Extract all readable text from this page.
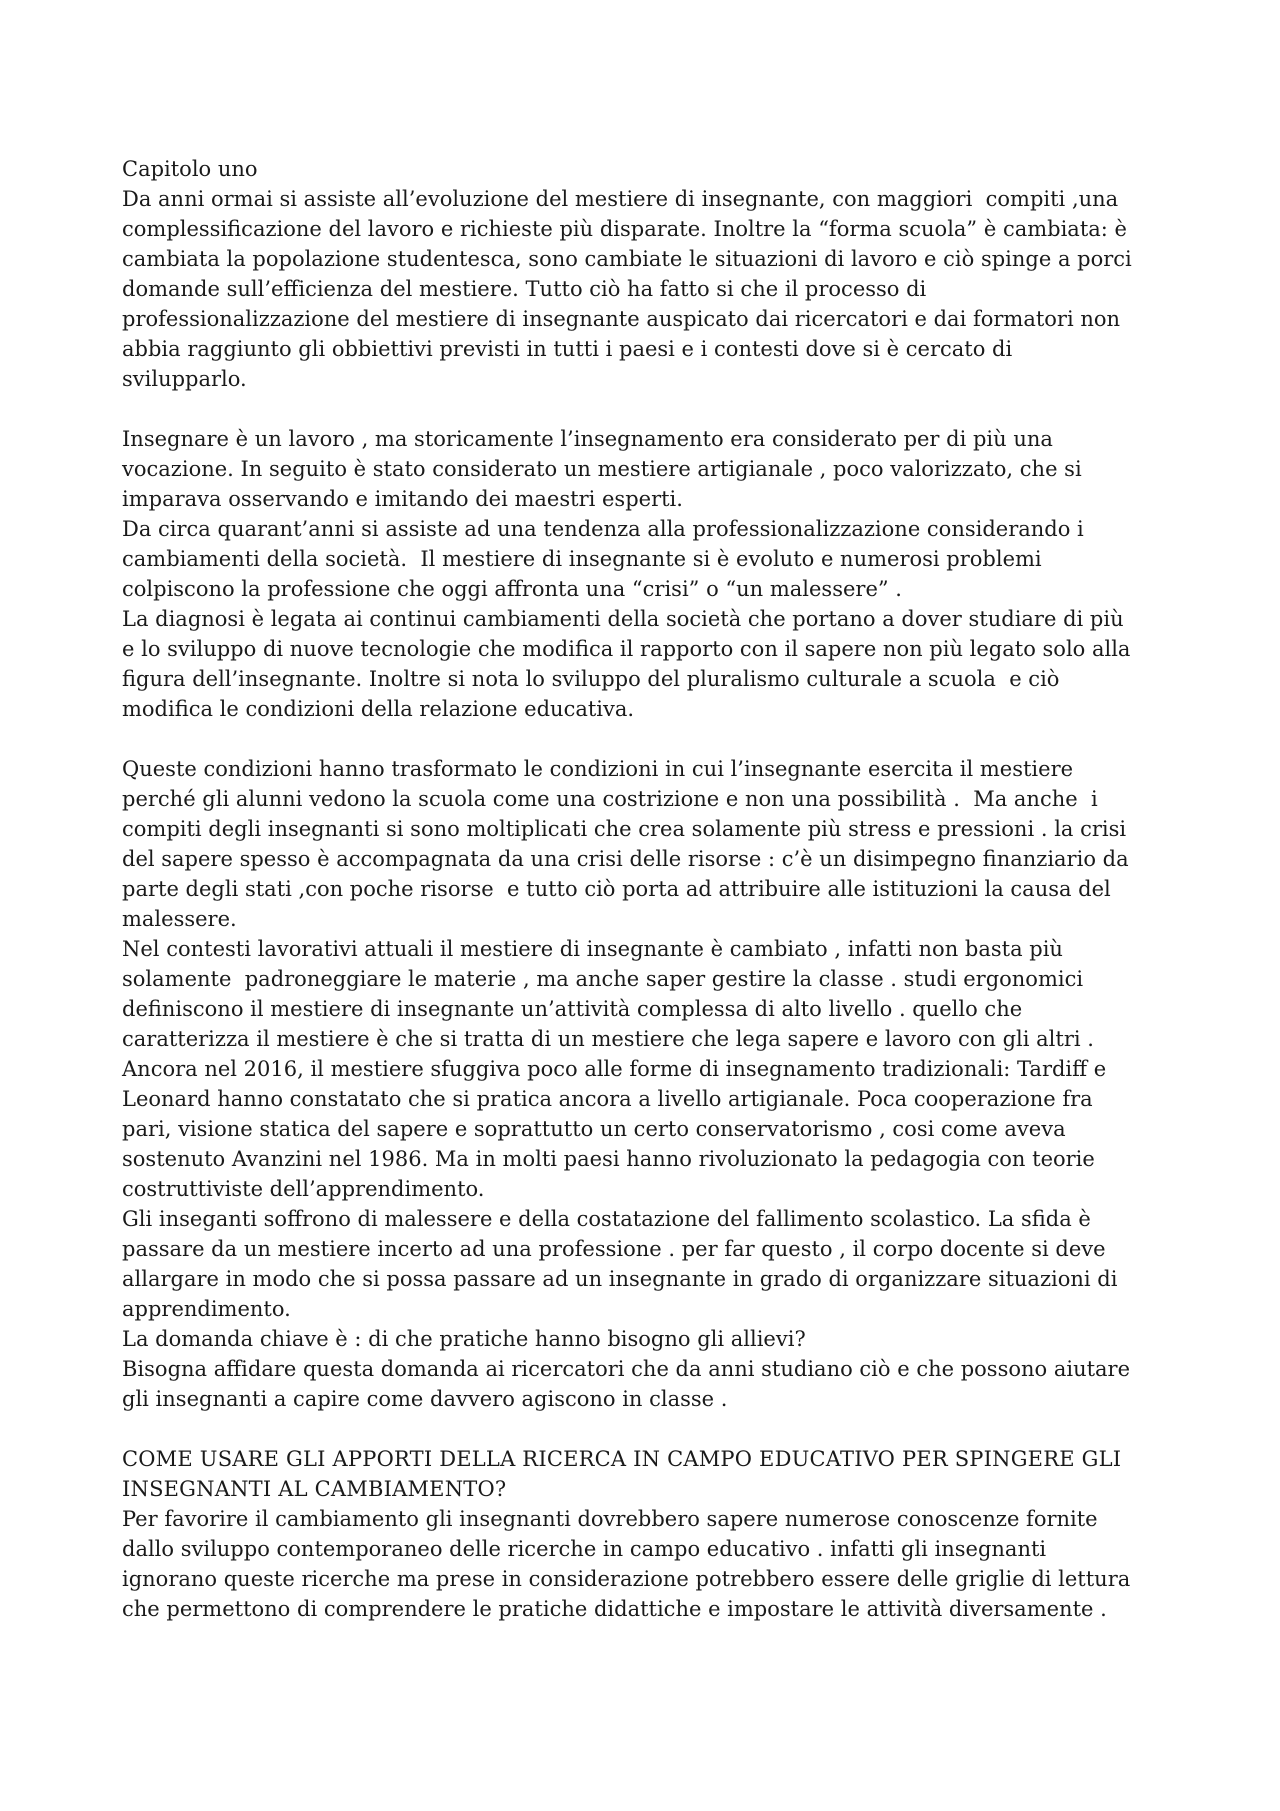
Capitolo uno
Da anni ormai si assiste all’evoluzione del mestiere di insegnante, con maggiori  compiti ,una
complessificazione del lavoro e richieste più disparate. Inoltre la “forma scuola” è cambiata: è
cambiata la popolazione studentesca, sono cambiate le situazioni di lavoro e ciò spinge a porci
domande sull’efficienza del mestiere. Tutto ciò ha fatto si che il processo di
professionalizzazione del mestiere di insegnante auspicato dai ricercatori e dai formatori non
abbia raggiunto gli obbiettivi previsti in tutti i paesi e i contesti dove si è cercato di
svilupparlo.
Insegnare è un lavoro , ma storicamente l’insegnamento era considerato per di più una
vocazione. In seguito è stato considerato un mestiere artigianale , poco valorizzato, che si
imparava osservando e imitando dei maestri esperti.
Da circa quarant’anni si assiste ad una tendenza alla professionalizzazione considerando i
cambiamenti della società.  Il mestiere di insegnante si è evoluto e numerosi problemi
colpiscono la professione che oggi affronta una “crisi” o “un malessere” .
La diagnosi è legata ai continui cambiamenti della società che portano a dover studiare di più
e lo sviluppo di nuove tecnologie che modifica il rapporto con il sapere non più legato solo alla
figura dell’insegnante. Inoltre si nota lo sviluppo del pluralismo culturale a scuola  e ciò
modifica le condizioni della relazione educativa.
Queste condizioni hanno trasformato le condizioni in cui l’insegnante esercita il mestiere
perché gli alunni vedono la scuola come una costrizione e non una possibilità .  Ma anche  i
compiti degli insegnanti si sono moltiplicati che crea solamente più stress e pressioni . la crisi
del sapere spesso è accompagnata da una crisi delle risorse : c’è un disimpegno finanziario da
parte degli stati ,con poche risorse  e tutto ciò porta ad attribuire alle istituzioni la causa del
malessere.
Nel contesti lavorativi attuali il mestiere di insegnante è cambiato , infatti non basta più
solamente  padroneggiare le materie , ma anche saper gestire la classe . studi ergonomici
definiscono il mestiere di insegnante un’attività complessa di alto livello . quello che
caratterizza il mestiere è che si tratta di un mestiere che lega sapere e lavoro con gli altri .
Ancora nel 2016, il mestiere sfuggiva poco alle forme di insegnamento tradizionali: Tardiff e
Leonard hanno constatato che si pratica ancora a livello artigianale. Poca cooperazione fra
pari, visione statica del sapere e soprattutto un certo conservatorismo , cosi come aveva
sostenuto Avanzini nel 1986. Ma in molti paesi hanno rivoluzionato la pedagogia con teorie
costruttiviste dell’apprendimento.
Gli inseganti soffrono di malessere e della costatazione del fallimento scolastico. La sfida è
passare da un mestiere incerto ad una professione . per far questo , il corpo docente si deve
allargare in modo che si possa passare ad un insegnante in grado di organizzare situazioni di
apprendimento.
La domanda chiave è : di che pratiche hanno bisogno gli allievi?
Bisogna affidare questa domanda ai ricercatori che da anni studiano ciò e che possono aiutare
gli insegnanti a capire come davvero agiscono in classe .
COME USARE GLI APPORTI DELLA RICERCA IN CAMPO EDUCATIVO PER SPINGERE GLI
INSEGNANTI AL CAMBIAMENTO?
Per favorire il cambiamento gli insegnanti dovrebbero sapere numerose conoscenze fornite
dallo sviluppo contemporaneo delle ricerche in campo educativo . infatti gli insegnanti
ignorano queste ricerche ma prese in considerazione potrebbero essere delle griglie di lettura
che permettono di comprendere le pratiche didattiche e impostare le attività diversamente .
